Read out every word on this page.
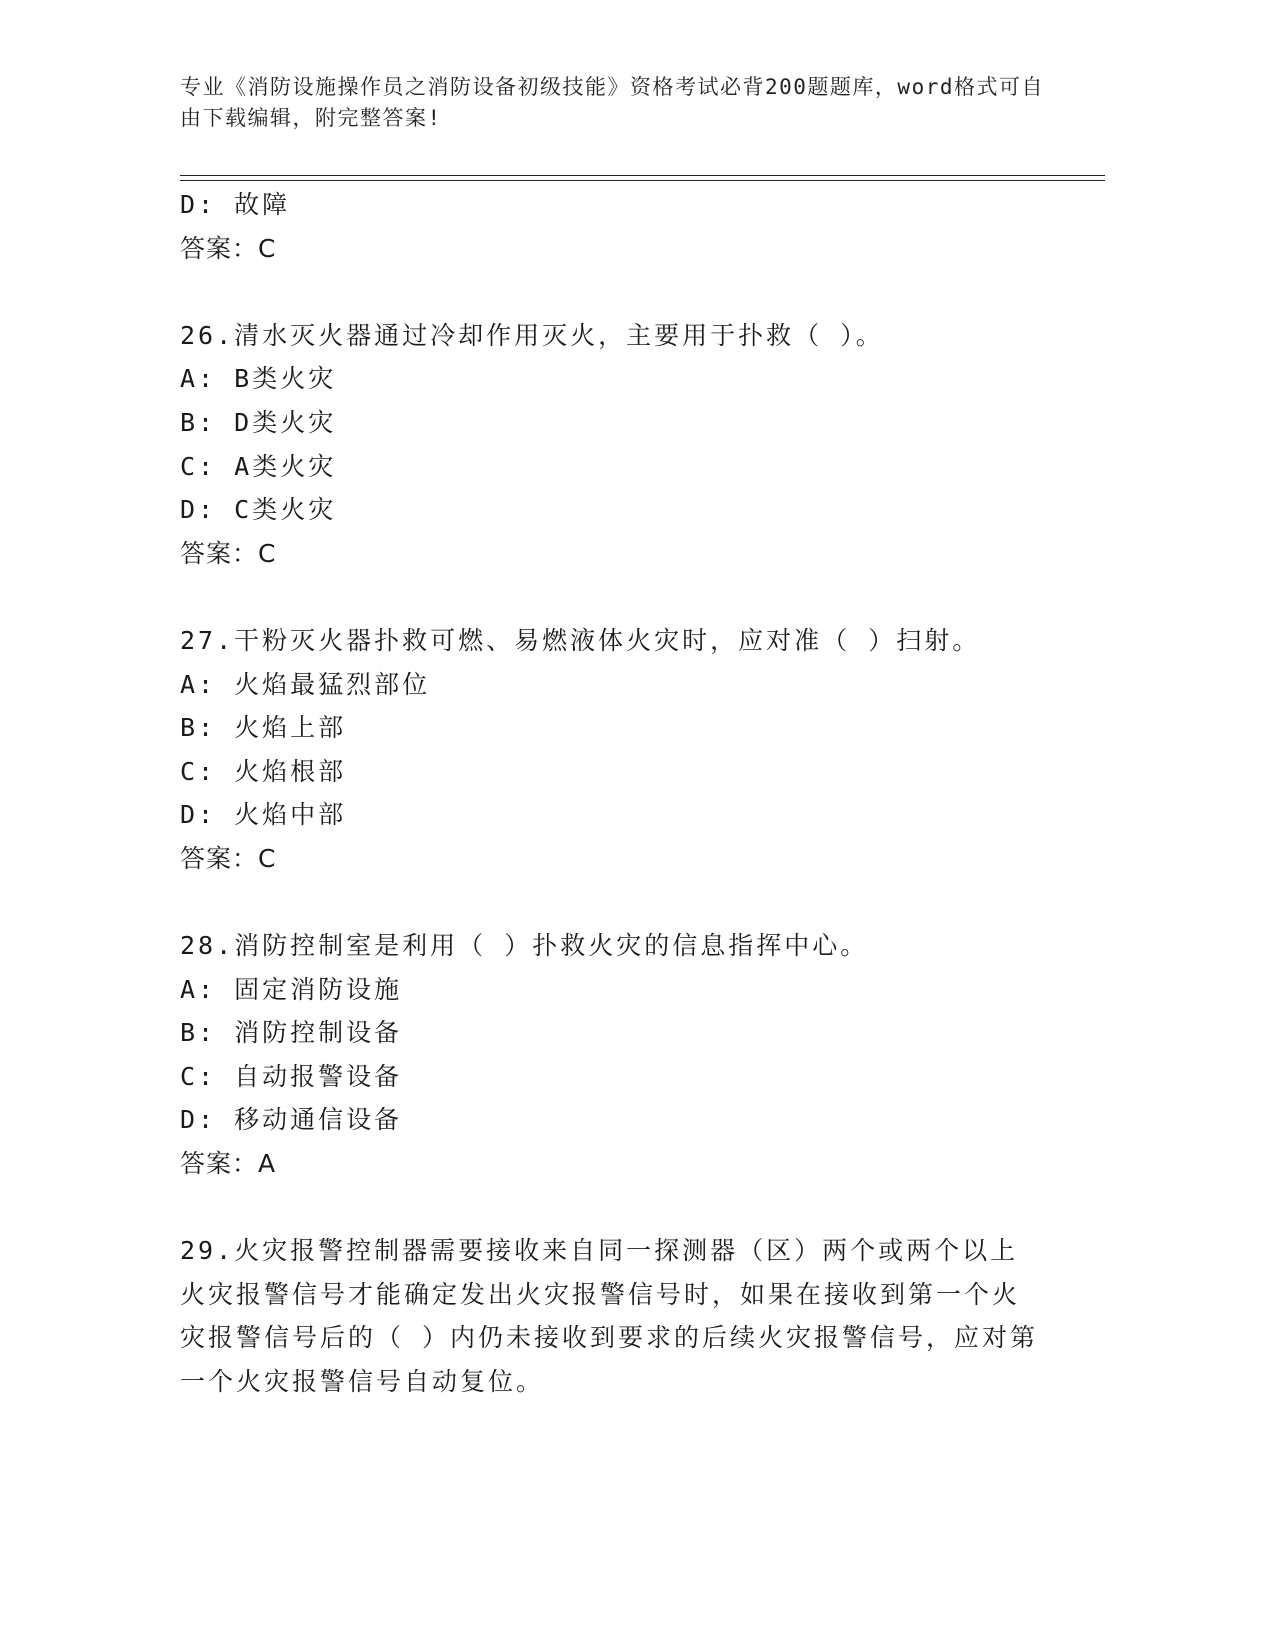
专业《消防设施操作员之消防设备初级技能》资格考试必背200题题库，word格式可自由下载编辑，附完整答案!
D: 故障
答案：C
26.清水灭火器通过冷却作用灭火，主要用于扑救（ ）。
A: B类火灾
B: D类火灾
C: A类火灾
D: C类火灾
答案：C
27.干粉灭火器扑救可燃、易燃液体火灾时，应对准（ ）扫射。
A: 火焰最猛烈部位
B: 火焰上部
C: 火焰根部
D: 火焰中部
答案：C
28.消防控制室是利用（ ）扑救火灾的信息指挥中心。
A: 固定消防设施
B: 消防控制设备
C: 自动报警设备
D: 移动通信设备
答案：A
29.火灾报警控制器需要接收来自同一探测器（区）两个或两个以上火灾报警信号才能确定发出火灾报警信号时，如果在接收到第一个火灾报警信号后的（ ）内仍未接收到要求的后续火灾报警信号，应对第一个火灾报警信号自动复位。
